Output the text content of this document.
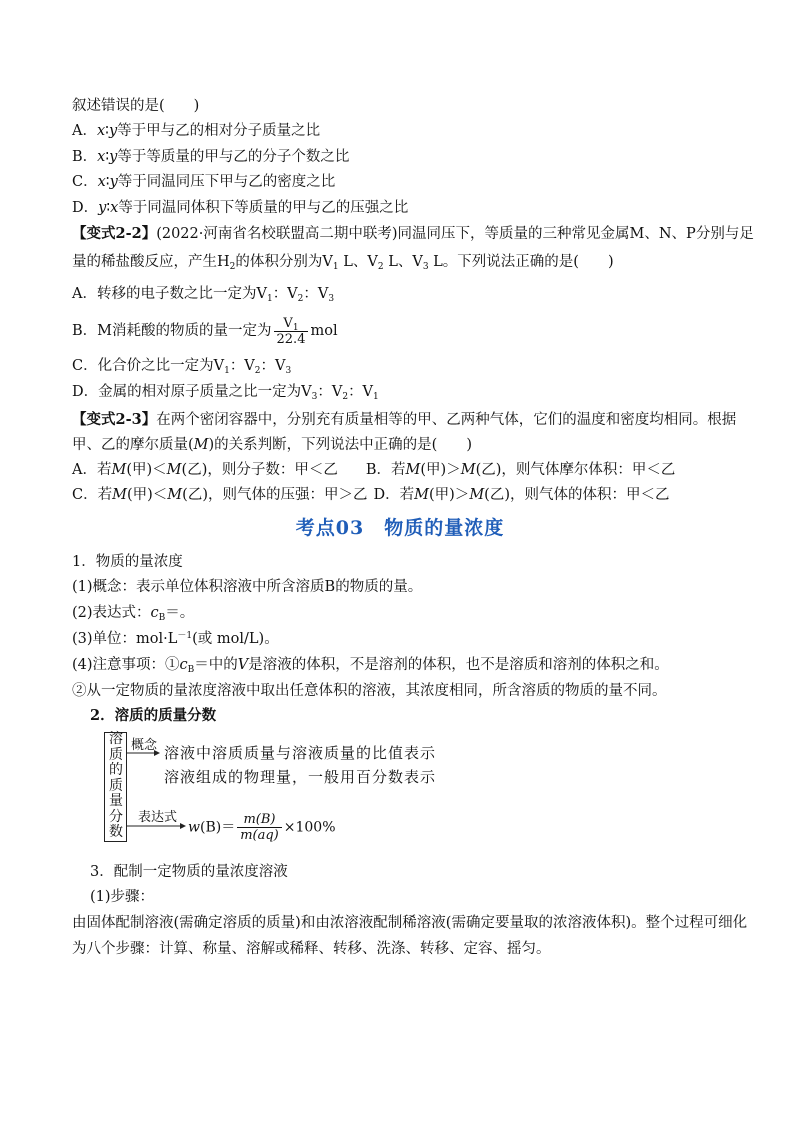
叙述错误的是(　　)
A．x∶y等于甲与乙的相对分子质量之比
B．x∶y等于等质量的甲与乙的分子个数之比
C．x∶y等于同温同压下甲与乙的密度之比
D．y∶x等于同温同体积下等质量的甲与乙的压强之比
【变式2-2】(2022·河南省名校联盟高二期中联考)同温同压下，等质量的三种常见金属M、N、P分别与足
量的稀盐酸反应，产生$H_2$的体积分别为$V_1$ L、$V_2$ L、$V_3$ L。下列说法正确的是(　　)
A．转移的电子数之比一定为$V_1$：$V_2$：$V_3$
B．M消耗酸的物质的量一定为 $\frac{V_1}{22.4}$ mol
C．化合价之比一定为$V_1$：$V_2$：$V_3$
D．金属的相对原子质量之比一定为$V_3$：$V_2$：$V_1$
【变式2-3】在两个密闭容器中，分别充有质量相等的甲、乙两种气体，它们的温度和密度均相同。根据
甲、乙的摩尔质量(M)的关系判断，下列说法中正确的是(　　)
A．若M(甲)＜M(乙)，则分子数：甲＜乙 B．若M(甲)＞M(乙)，则气体摩尔体积：甲＜乙
C．若M(甲)＜M(乙)，则气体的压强：甲＞乙 D．若M(甲)＞M(乙)，则气体的体积：甲＜乙
考点03　物质的量浓度
1．物质的量浓度
(1)概念：表示单位体积溶液中所含溶质B的物质的量。
(2)表达式：$c_B=$。
(3)单位：$mol\cdot L^{-1}$(或 mol/L)。
(4)注意事项：$①c_B=$中的V是溶液的体积，不是溶剂的体积，也不是溶质和溶剂的体积之和。
②从一定物质的量浓度溶液中取出任意体积的溶液，其浓度相同，所含溶质的物质的量不同。
2．溶质的质量分数
溶
质
的
质
量
分
数
概念 溶液中溶质质量与溶液质量的比值表示
溶液组成的物理量，一般用百分数表示
表达式
$w(B)= \frac{m(B)}{m(aq)} \times 100\%$
3．配制一定物质的量浓度溶液
(1)步骤：
由固体配制溶液(需确定溶质的质量)和由浓溶液配制稀溶液(需确定要量取的浓溶液体积)。整个过程可细化
为八个步骤：计算、称量、溶解或稀释、转移、洗涤、转移、定容、摇匀。
